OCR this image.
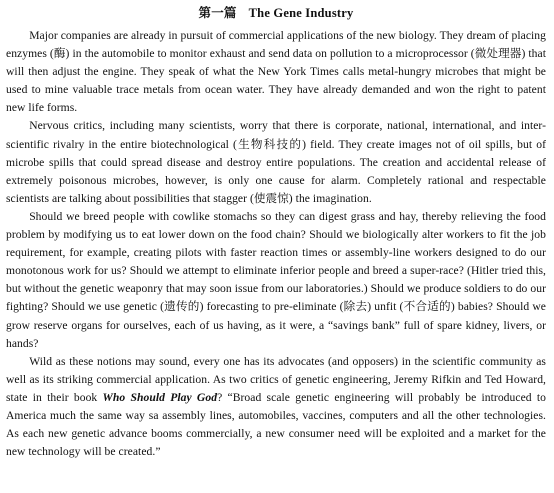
第一篇 The Gene Industry

Major companies are already in pursuit of commercial applications of the new biology. They dream of placing enzymes (酶) in the automobile to monitor exhaust and send data on pollution to a microprocessor (微处理器) that will then adjust the engine. They speak of what the New York Times calls metal-hungry microbes that might be used to mine valuable trace metals from ocean water. They have already demanded and won the right to patent new life forms.

Nervous critics, including many scientists, worry that there is corporate, national, international, and inter-scientific rivalry in the entire biotechnological (生物科技的) field. They create images not of oil spills, but of microbe spills that could spread disease and destroy entire populations. The creation and accidental release of extremely poisonous microbes, however, is only one cause for alarm. Completely rational and respectable scientists are talking about possibilities that stagger (使震惊) the imagination.

Should we breed people with cowlike stomachs so they can digest grass and hay, thereby relieving the food problem by modifying us to eat lower down on the food chain? Should we biologically alter workers to fit the job requirement, for example, creating pilots with faster reaction times or assembly-line workers designed to do our monotonous work for us? Should we attempt to eliminate inferior people and breed a super-race? (Hitler tried this, but without the genetic weaponry that may soon issue from our laboratories.) Should we produce soldiers to do our fighting? Should we use genetic (遗传的) forecasting to pre-eliminate (除去) unfit (不合适的) babies? Should we grow reserve organs for ourselves, each of us having, as it were, a “savings bank” full of spare kidney, livers, or hands?

Wild as these notions may sound, every one has its advocates (and opposers) in the scientific community as well as its striking commercial application. As two critics of genetic engineering, Jeremy Rifkin and Ted Howard, state in their book Who Should Play God? “Broad scale genetic engineering will probably be introduced to America much the same way sa assembly lines, automobiles, vaccines, computers and all the other technologies. As each new genetic advance booms commercially, a new consumer need will be exploited and a market for the new technology will be created.”
